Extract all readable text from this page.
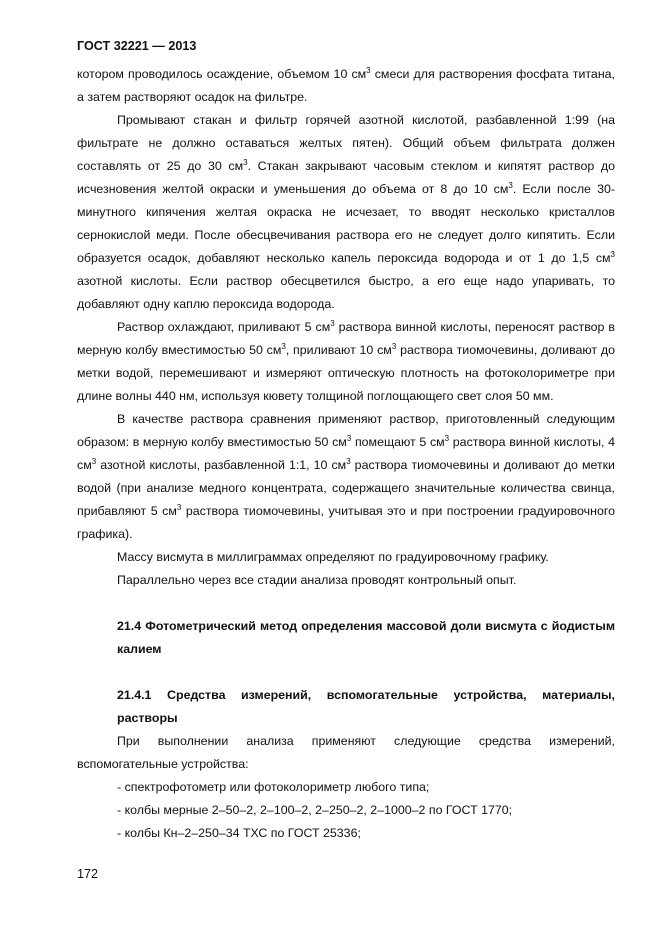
ГОСТ 32221 — 2013

котором проводилось осаждение, объемом 10 $см^3$ смеси для растворения фосфата титана, а затем растворяют осадок на фильтре.

Промывают стакан и фильтр горячей азотной кислотой, разбавленной 1:99 (на фильтрате не должно оставаться желтых пятен). Общий объем фильтрата должен составлять от 25 до 30 $см^3$. Стакан закрывают часовым стеклом и кипятят раствор до исчезновения желтой окраски и уменьшения до объема от 8 до 10 $см^3$. Если после 30-минутного кипячения желтая окраска не исчезает, то вводят несколько кристаллов сернокислой меди. После обесцвечивания раствора его не следует долго кипятить. Если образуется осадок, добавляют несколько капель пероксида водорода и от 1 до 1,5 $см^3$ азотной кислоты. Если раствор обесцветился быстро, а его еще надо упаривать, то добавляют одну каплю пероксида водорода.

Раствор охлаждают, приливают 5 $см^3$ раствора винной кислоты, переносят раствор в мерную колбу вместимостью 50 $см^3$, приливают 10 $см^3$ раствора тиомочевины, доливают до метки водой, перемешивают и измеряют оптическую плотность на фотоколориметре при длине волны 440 нм, используя кювету толщиной поглощающего свет слоя 50 мм.

В качестве раствора сравнения применяют раствор, приготовленный следующим образом: в мерную колбу вместимостью 50 $см^3$ помещают 5 $см^3$ раствора винной кислоты, 4 $см^3$ азотной кислоты, разбавленной 1:1, 10 $см^3$ раствора тиомочевины и доливают до метки водой (при анализе медного концентрата, содержащего значительные количества свинца, прибавляют 5 $см^3$ раствора тиомочевины, учитывая это и при построении градуировочного графика).

Массу висмута в миллиграммах определяют по градуировочному графику.

Параллельно через все стадии анализа проводят контрольный опыт.

21.4 Фотометрический метод определения массовой доли висмута с йодистым калием

21.4.1 Средства измерений, вспомогательные устройства, материалы, растворы

При выполнении анализа применяют следующие средства измерений, вспомогательные устройства:

- спектрофотометр или фотоколориметр любого типа;

- колбы мерные 2–50–2, 2–100–2, 2–250–2, 2–1000–2 по ГОСТ 1770;

- колбы Кн–2–250–34 ТХС по ГОСТ 25336;

172
